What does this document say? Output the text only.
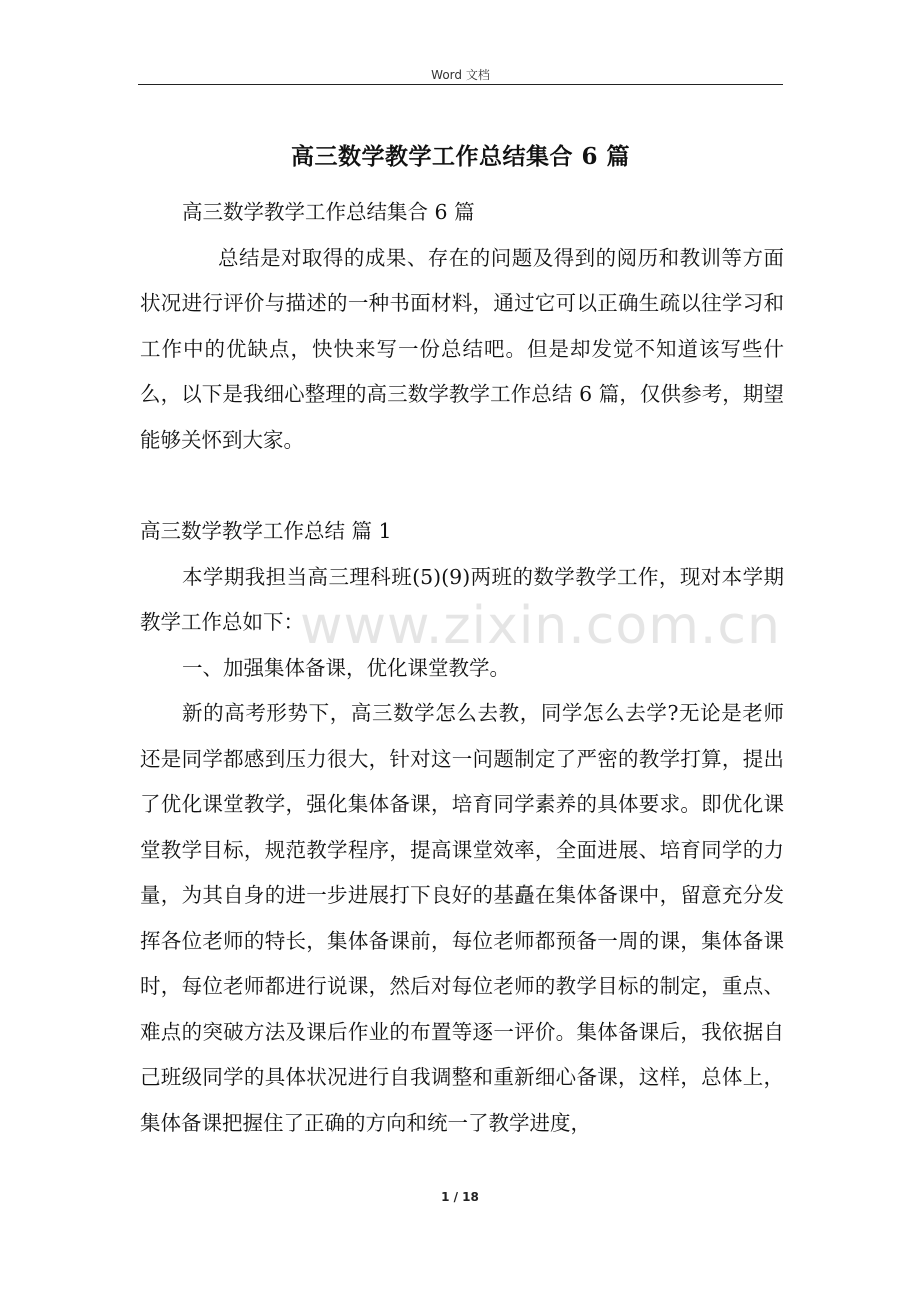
Word 文档
高三数学教学工作总结集合 6 篇

高三数学教学工作总结集合 6 篇

总结是对取得的成果、存在的问题及得到的阅历和教训等方面状况进行评价与描述的一种书面材料，通过它可以正确生疏以往学习和工作中的优缺点，快快来写一份总结吧。但是却发觉不知道该写些什么，以下是我细心整理的高三数学教学工作总结 6 篇，仅供参考，期望能够关怀到大家。

高三数学教学工作总结 篇 1

本学期我担当高三理科班(5)(9)两班的数学教学工作，现对本学期教学工作总如下：

一、加强集体备课，优化课堂教学。

新的高考形势下，高三数学怎么去教，同学怎么去学?无论是老师还是同学都感到压力很大，针对这一问题制定了严密的教学打算，提出了优化课堂教学，强化集体备课，培育同学素养的具体要求。即优化课堂教学目标，规范教学程序，提高课堂效率，全面进展、培育同学的力量，为其自身的进一步进展打下良好的基矗在集体备课中，留意充分发挥各位老师的特长，集体备课前，每位老师都预备一周的课，集体备课时，每位老师都进行说课，然后对每位老师的教学目标的制定，重点、难点的突破方法及课后作业的布置等逐一评价。集体备课后，我依据自己班级同学的具体状况进行自我调整和重新细心备课，这样，总体上，集体备课把握住了正确的方向和统一了教学进度，

www.zixin.com.cn
1 / 18
